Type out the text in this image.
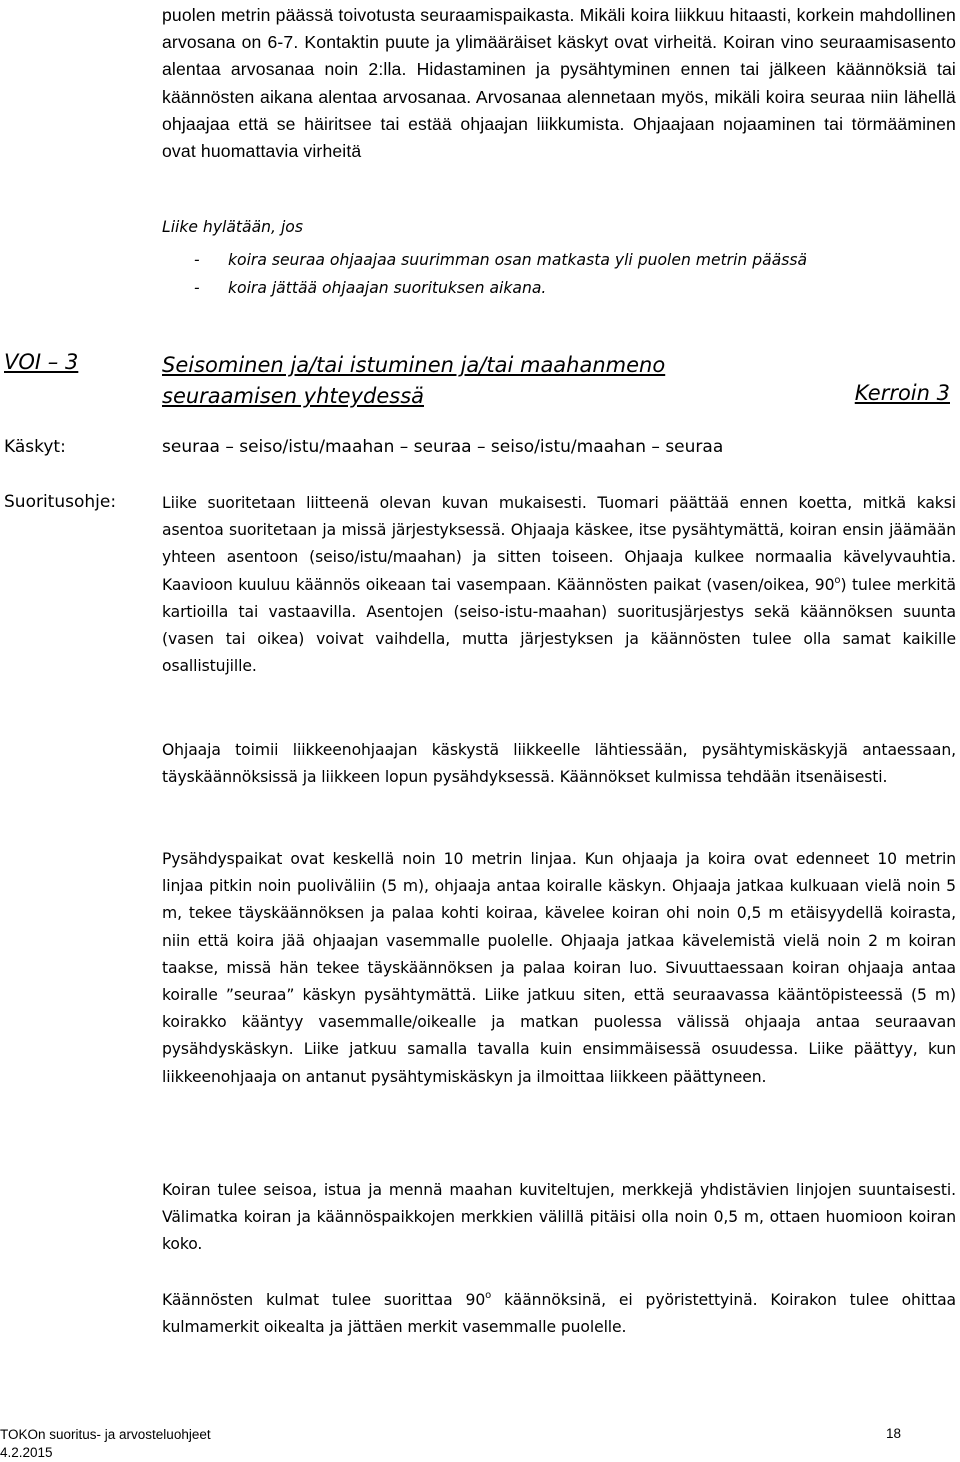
puolen metrin päässä toivotusta seuraamispaikasta. Mikäli koira liikkuu hitaasti, korkein mahdollinen arvosana on 6-7. Kontaktin puute ja ylimääräiset käskyt ovat virheitä. Koiran vino seuraamisasento alentaa arvosanaa noin 2:lla. Hidastaminen ja pysähtyminen ennen tai jälkeen käännöksiä tai käännösten aikana alentaa arvosanaa. Arvosanaa alennetaan myös, mikäli koira seuraa niin lähellä ohjaajaa että se häiritsee tai estää ohjaajan liikkumista. Ohjaajaan nojaaminen tai törmääminen ovat huomattavia virheitä

Liike hylätään, jos
-	koira seuraa ohjaajaa suurimman osan matkasta yli puolen metrin päässä
-	koira jättää ohjaajan suorituksen aikana.
VOI – 3	Seisominen ja/tai istuminen ja/tai maahanmeno
seuraamisen yhteydessä	Kerroin 3
Käskyt:	seuraa – seiso/istu/maahan – seuraa – seiso/istu/maahan – seuraa
Suoritusohje:	Liike suoritetaan liitteenä olevan kuvan mukaisesti. Tuomari päättää ennen koetta, mitkä kaksi asentoa suoritetaan ja missä järjestyksessä. Ohjaaja käskee, itse pysähtymättä, koiran ensin jäämään yhteen asentoon (seiso/istu/maahan) ja sitten toiseen. Ohjaaja kulkee normaalia kävelyvauhtia. Kaavioon kuuluu käännös oikeaan tai vasempaan. Käännösten paikat (vasen/oikea, 90$^o$) tulee merkitä kartioilla tai vastaavilla. Asentojen (seiso-istu-maahan) suoritusjärjestys sekä käännöksen suunta (vasen tai oikea) voivat vaihdella, mutta järjestyksen ja käännösten tulee olla samat kaikille osallistujille.

Ohjaaja toimii liikkeenohjaajan käskystä liikkeelle lähtiessään, pysähtymiskäskyjä antaessaan, täyskäännöksissä ja liikkeen lopun pysähdyksessä. Käännökset kulmissa tehdään itsenäisesti.

Pysähdyspaikat ovat keskellä noin 10 metrin linjaa. Kun ohjaaja ja koira ovat edenneet 10 metrin linjaa pitkin noin puoliväliin (5 m), ohjaaja antaa koiralle käskyn. Ohjaaja jatkaa kulkuaan vielä noin 5 m, tekee täyskäännöksen ja palaa kohti koiraa, kävelee koiran ohi noin 0,5 m etäisyydellä koirasta, niin että koira jää ohjaajan vasemmalle puolelle. Ohjaaja jatkaa kävelemistä vielä noin 2 m koiran taakse, missä hän tekee täyskäännöksen ja palaa koiran luo. Sivuuttaessaan koiran ohjaaja antaa koiralle ”seuraa” käskyn pysähtymättä. Liike jatkuu siten, että seuraavassa kääntöpisteessä (5 m) koirakko kääntyy vasemmalle/oikealle ja matkan puolessa välissä ohjaaja antaa seuraavan pysähdyskäskyn. Liike jatkuu samalla tavalla kuin ensimmäisessä osuudessa. Liike päättyy, kun liikkeenohjaaja on antanut pysähtymiskäskyn ja ilmoittaa liikkeen päättyneen.

Koiran tulee seisoa, istua ja mennä maahan kuviteltujen, merkkejä yhdistävien linjojen suuntaisesti. Välimatka koiran ja käännöspaikkojen merkkien välillä pitäisi olla noin 0,5 m, ottaen huomioon koiran koko.

Käännösten kulmat tulee suorittaa 90$^o$ käännöksinä, ei pyöristettyinä. Koirakon tulee ohittaa kulmamerkit oikealta ja jättäen merkit vasemmalle puolelle.

TOKOn suoritus- ja arvosteluohjeet
4.2.2015
18
